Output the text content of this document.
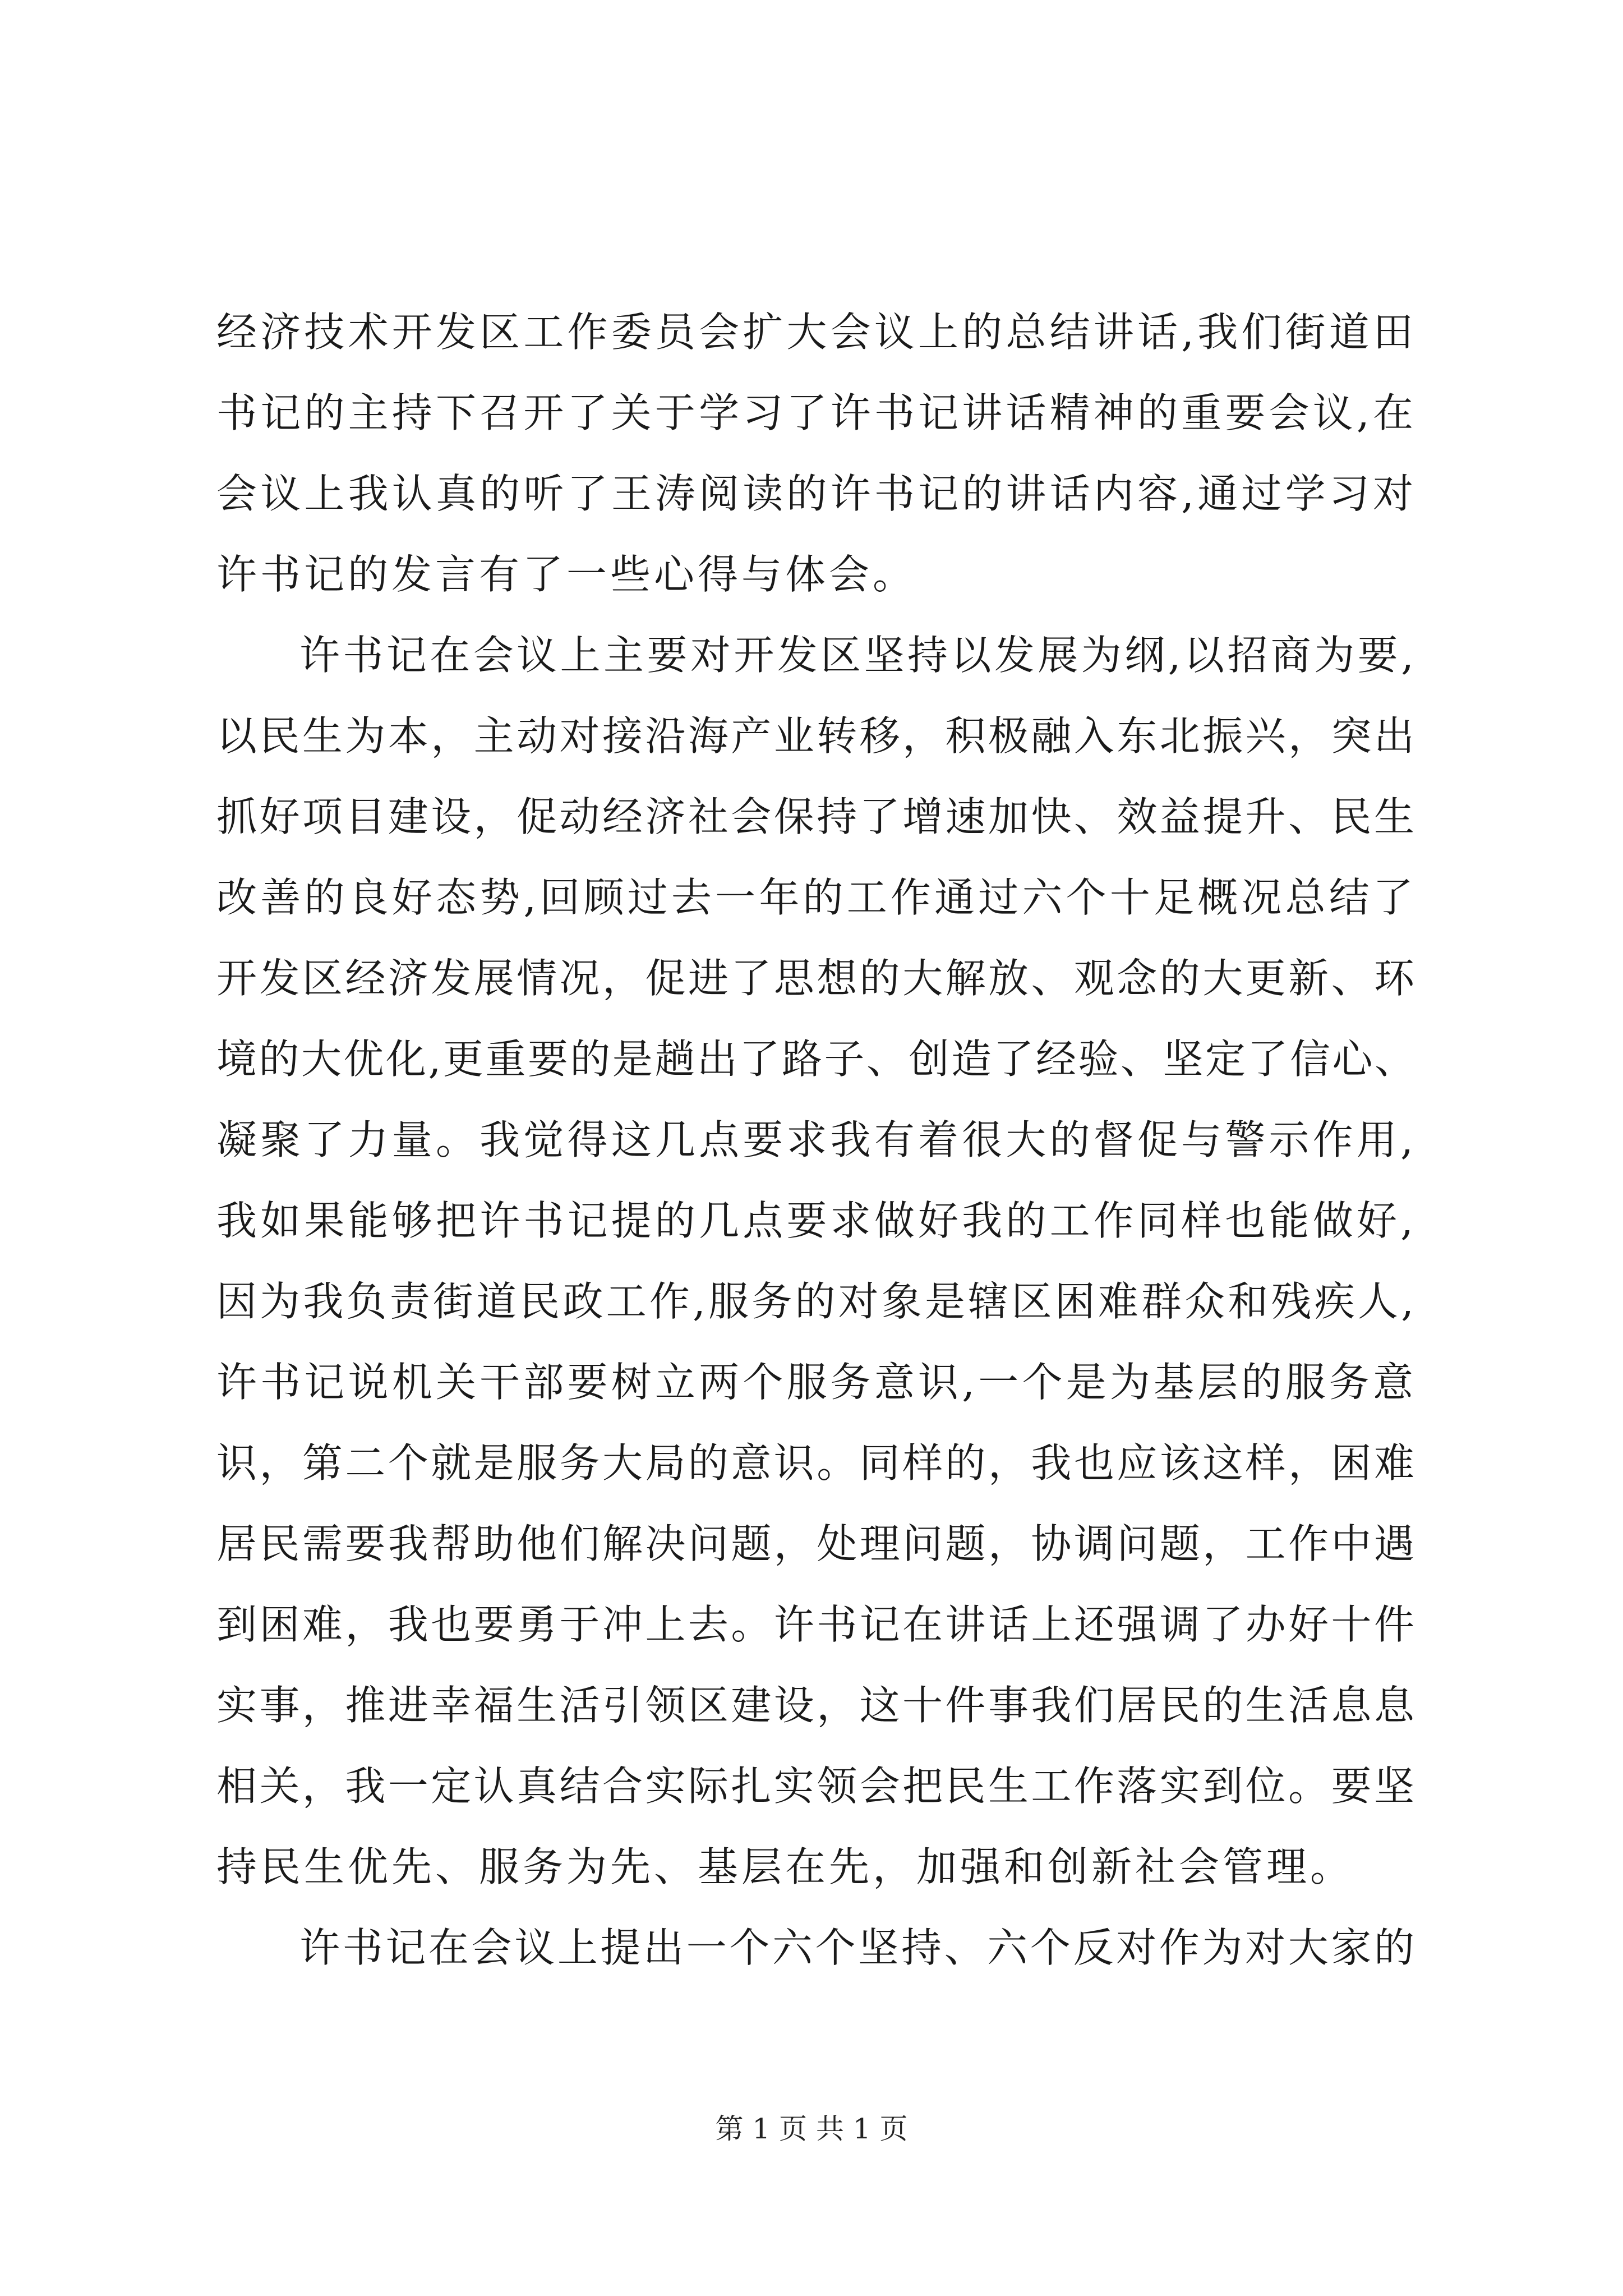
经济技术开发区工作委员会扩大会议上的总结讲话,我们街道田
书记的主持下召开了关于学习了许书记讲话精神的重要会议,在
会议上我认真的听了王涛阅读的许书记的讲话内容,通过学习对
许书记的发言有了一些心得与体会。
许书记在会议上主要对开发区坚持以发展为纲,以招商为要,
以民生为本，主动对接沿海产业转移，积极融入东北振兴，突出
抓好项目建设，促动经济社会保持了增速加快、效益提升、民生
改善的良好态势,回顾过去一年的工作通过六个十足概况总结了
开发区经济发展情况，促进了思想的大解放、观念的大更新、环
境的大优化,更重要的是趟出了路子、创造了经验、坚定了信心、
凝聚了力量。我觉得这几点要求我有着很大的督促与警示作用,
我如果能够把许书记提的几点要求做好我的工作同样也能做好,
因为我负责街道民政工作,服务的对象是辖区困难群众和残疾人,
许书记说机关干部要树立两个服务意识,一个是为基层的服务意
识，第二个就是服务大局的意识。同样的，我也应该这样，困难
居民需要我帮助他们解决问题，处理问题，协调问题，工作中遇
到困难，我也要勇于冲上去。许书记在讲话上还强调了办好十件
实事，推进幸福生活引领区建设，这十件事我们居民的生活息息
相关，我一定认真结合实际扎实领会把民生工作落实到位。要坚
持民生优先、服务为先、基层在先，加强和创新社会管理。
许书记在会议上提出一个六个坚持、六个反对作为对大家的
第 1 页 共 1 页
